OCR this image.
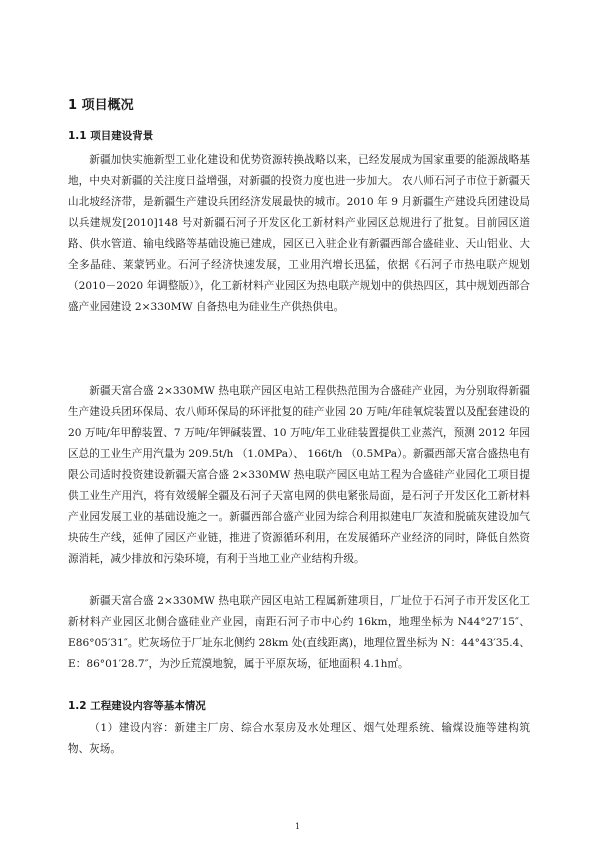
1 项目概况
1.1 项目建设背景

新疆加快实施新型工业化建设和优势资源转换战略以来，已经发展成为国家重要的能源战略基地，中央对新疆的关注度日益增强，对新疆的投资力度也进一步加大。 农八师石河子市位于新疆天山北坡经济带，是新疆生产建设兵团经济发展最快的城市。2010 年 9 月新疆生产建设兵团建设局以兵建规发[2010]148 号对新疆石河子开发区化工新材料产业园区总规进行了批复。目前园区道路、供水管道、输电线路等基础设施已建成，园区已入驻企业有新疆西部合盛硅业、天山铝业、大全多晶硅、莱蒙钙业。石河子经济快速发展，工业用汽增长迅猛，依据《石河子市热电联产规划（2010－2020 年调整版）》，化工新材料产业园区为热电联产规划中的供热四区，其中规划西部合盛产业园建设 2×330MW 自备热电为硅业生产供热供电。

新疆天富合盛 2×330MW 热电联产园区电站工程供热范围为合盛硅产业园，为分别取得新疆生产建设兵团环保局、农八师环保局的环评批复的硅产业园 20 万吨/年硅氧烷装置以及配套建设的 20 万吨/年甲醇装置、7 万吨/年钾碱装置、10 万吨/年工业硅装置提供工业蒸汽，预测 2012 年园区总的工业生产用汽量为 209.5t/h （1.0MPa）、 166t/h （0.5MPa）。新疆西部天富合盛热电有限公司适时投资建设新疆天富合盛 2×330MW 热电联产园区电站工程为合盛硅产业园化工项目提供工业生产用汽，将有效缓解全疆及石河子天富电网的供电紧张局面，是石河子开发区化工新材料产业园发展工业的基础设施之一。新疆西部合盛产业园为综合利用拟建电厂灰渣和脱硫灰建设加气块砖生产线，延伸了园区产业链，推进了资源循环利用，在发展循环产业经济的同时，降低自然资源消耗，减少排放和污染环境，有利于当地工业产业结构升级。

新疆天富合盛 2×330MW 热电联产园区电站工程属新建项目，厂址位于石河子市开发区化工新材料产业园区北侧合盛硅业产业园，南距石河子市中心约 16km，地理坐标为 N44°27′15″、E86°05′31″。贮灰场位于厂址东北侧约 28km 处(直线距离)，地理位置坐标为 N：44°43′35.4、E：86°01′28.7″，为沙丘荒漠地貌，属于平原灰场，征地面积 4.1h㎡。

1.2 工程建设内容等基本情况

（1）建设内容：新建主厂房、综合水泵房及水处理区、烟气处理系统、输煤设施等建构筑物、灰场。

1
